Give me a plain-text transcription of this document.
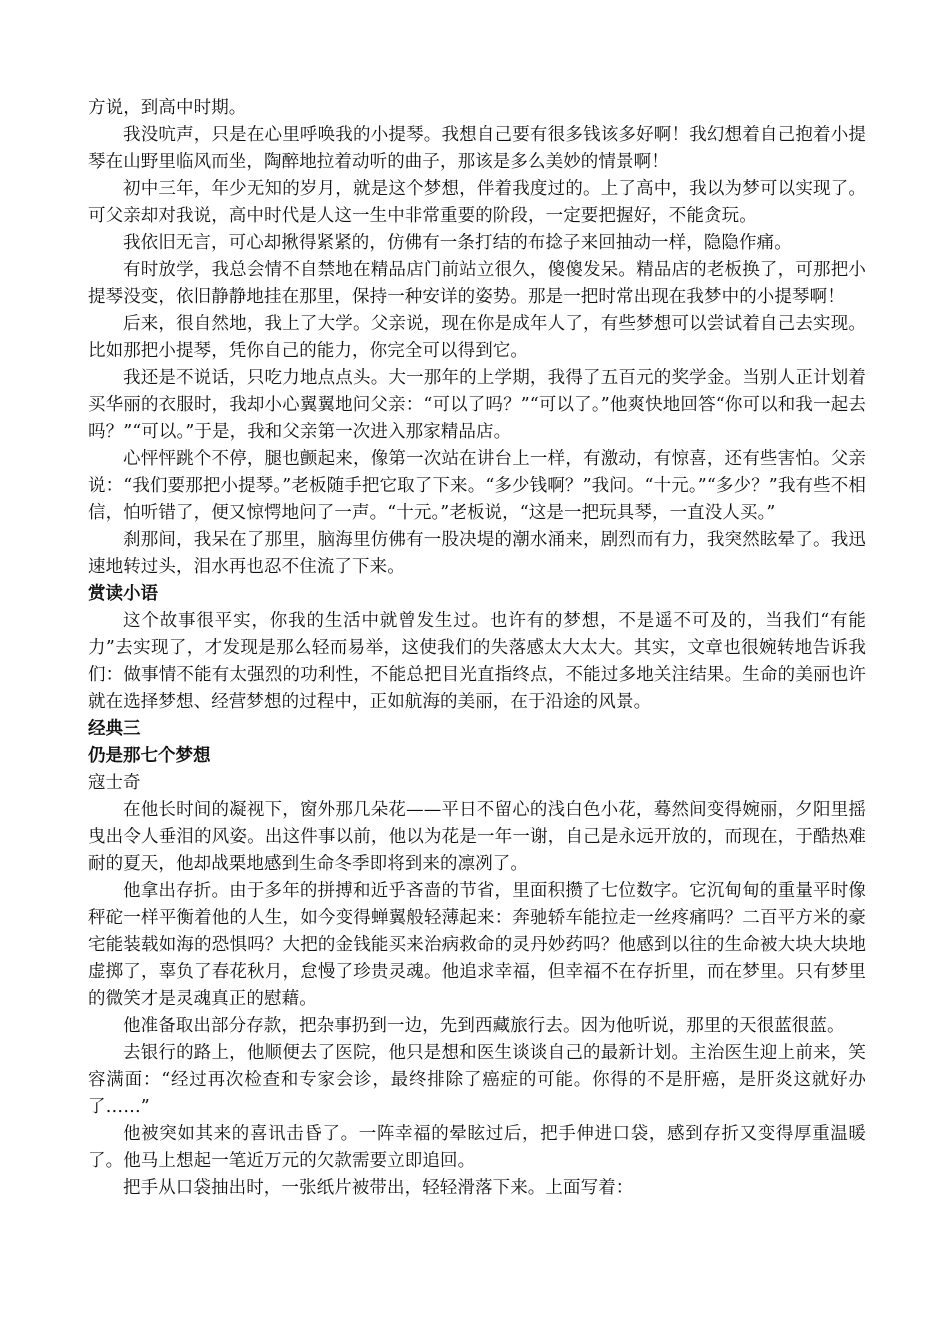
方说，到高中时期。

我没吭声，只是在心里呼唤我的小提琴。我想自己要有很多钱该多好啊！我幻想着自己抱着小提琴在山野里临风而坐，陶醉地拉着动听的曲子，那该是多么美妙的情景啊！

初中三年，年少无知的岁月，就是这个梦想，伴着我度过的。上了高中，我以为梦可以实现了。可父亲却对我说，高中时代是人这一生中非常重要的阶段，一定要把握好，不能贪玩。

我依旧无言，可心却揪得紧紧的，仿佛有一条打结的布捻子来回抽动一样，隐隐作痛。

有时放学，我总会情不自禁地在精品店门前站立很久，傻傻发呆。精品店的老板换了，可那把小提琴没变，依旧静静地挂在那里，保持一种安详的姿势。那是一把时常出现在我梦中的小提琴啊！

后来，很自然地，我上了大学。父亲说，现在你是成年人了，有些梦想可以尝试着自己去实现。比如那把小提琴，凭你自己的能力，你完全可以得到它。

我还是不说话，只吃力地点点头。大一那年的上学期，我得了五百元的奖学金。当别人正计划着买华丽的衣服时，我却小心翼翼地问父亲：“可以了吗？”“可以了。”他爽快地回答“你可以和我一起去吗？”“可以。”于是，我和父亲第一次进入那家精品店。

心怦怦跳个不停，腿也颤起来，像第一次站在讲台上一样，有激动，有惊喜，还有些害怕。父亲说：“我们要那把小提琴。”老板随手把它取了下来。“多少钱啊？”我问。“十元。”“多少？”我有些不相信，怕听错了，便又惊愕地问了一声。“十元。”老板说，“这是一把玩具琴，一直没人买。”

刹那间，我呆在了那里，脑海里仿佛有一股决堤的潮水涌来，剧烈而有力，我突然眩晕了。我迅速地转过头，泪水再也忍不住流了下来。

赏读小语

这个故事很平实，你我的生活中就曾发生过。也许有的梦想，不是遥不可及的，当我们“有能力”去实现了，才发现是那么轻而易举，这使我们的失落感太大太大。其实，文章也很婉转地告诉我们：做事情不能有太强烈的功利性，不能总把目光直指终点，不能过多地关注结果。生命的美丽也许就在选择梦想、经营梦想的过程中，正如航海的美丽，在于沿途的风景。

经典三

仍是那七个梦想

寇士奇

在他长时间的凝视下，窗外那几朵花——平日不留心的浅白色小花，蓦然间变得婉丽，夕阳里摇曳出令人垂泪的风姿。出这件事以前，他以为花是一年一谢，自己是永远开放的，而现在，于酷热难耐的夏天，他却战栗地感到生命冬季即将到来的凛冽了。

他拿出存折。由于多年的拼搏和近乎吝啬的节省，里面积攒了七位数字。它沉甸甸的重量平时像秤砣一样平衡着他的人生，如今变得蝉翼般轻薄起来：奔驰轿车能拉走一丝疼痛吗？二百平方米的豪宅能装载如海的恐惧吗？大把的金钱能买来治病救命的灵丹妙药吗？他感到以往的生命被大块大块地虚掷了，辜负了春花秋月，怠慢了珍贵灵魂。他追求幸福，但幸福不在存折里，而在梦里。只有梦里的微笑才是灵魂真正的慰藉。

他准备取出部分存款，把杂事扔到一边，先到西藏旅行去。因为他听说，那里的天很蓝很蓝。

去银行的路上，他顺便去了医院，他只是想和医生谈谈自己的最新计划。主治医生迎上前来，笑容满面：“经过再次检查和专家会诊，最终排除了癌症的可能。你得的不是肝癌，是肝炎这就好办了……”

他被突如其来的喜讯击昏了。一阵幸福的晕眩过后，把手伸进口袋，感到存折又变得厚重温暖了。他马上想起一笔近万元的欠款需要立即追回。

把手从口袋抽出时，一张纸片被带出，轻轻滑落下来。上面写着：
